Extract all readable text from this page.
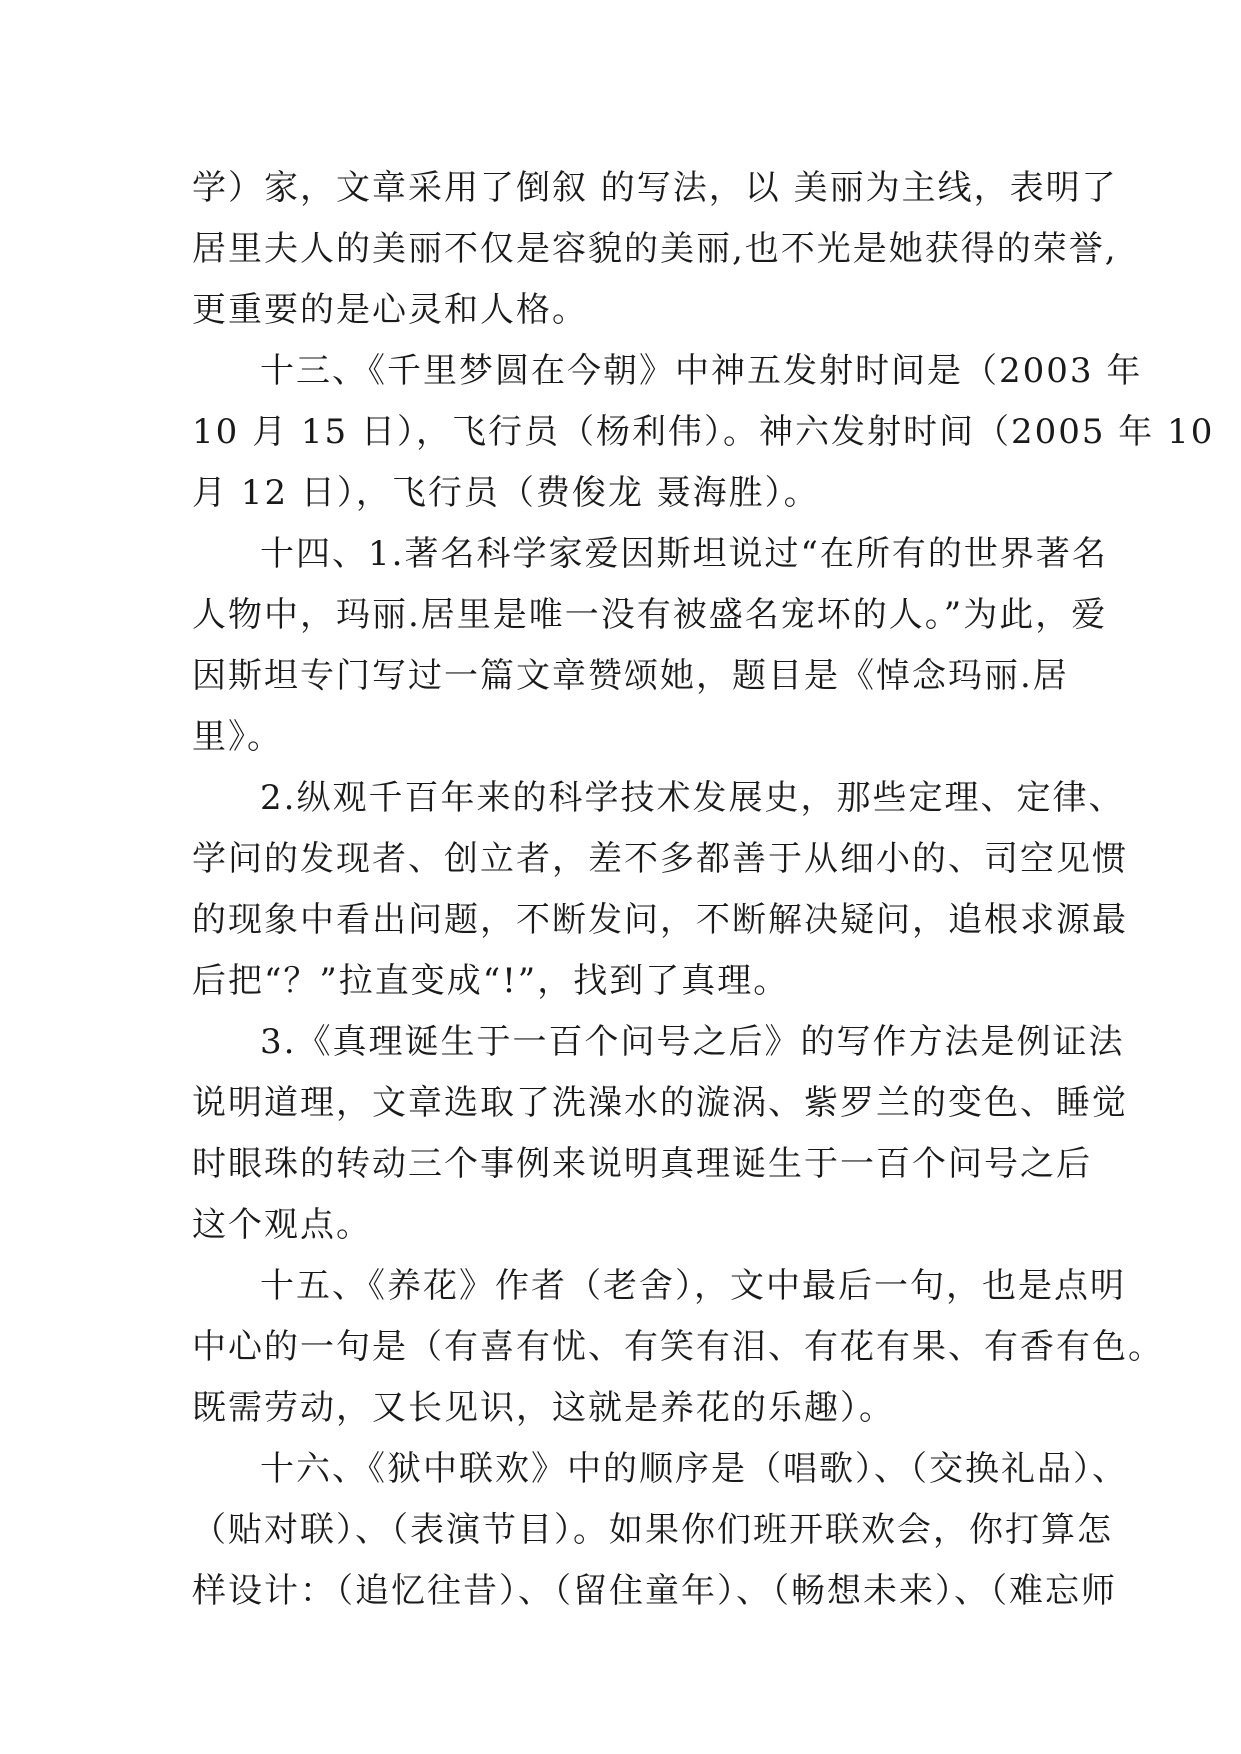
学）家，文章采用了倒叙 的写法，以 美丽为主线，表明了
居里夫人的美丽不仅是容貌的美丽,也不光是她获得的荣誉,
更重要的是心灵和人格。

十三、《千里梦圆在今朝》中神五发射时间是（2003 年
10 月 15 日），飞行员（杨利伟）。神六发射时间（2005 年 10
月 12 日），飞行员（费俊龙 聂海胜）。

十四、1.著名科学家爱因斯坦说过“在所有的世界著名
人物中，玛丽.居里是唯一没有被盛名宠坏的人。”为此，爱
因斯坦专门写过一篇文章赞颂她，题目是《悼念玛丽.居
里》。

2.纵观千百年来的科学技术发展史，那些定理、定律、
学问的发现者、创立者，差不多都善于从细小的、司空见惯
的现象中看出问题，不断发问，不断解决疑问，追根求源最
后把“？”拉直变成“!”，找到了真理。

3.《真理诞生于一百个问号之后》的写作方法是例证法
说明道理，文章选取了洗澡水的漩涡、紫罗兰的变色、睡觉
时眼珠的转动三个事例来说明真理诞生于一百个问号之后
这个观点。

十五、《养花》作者（老舍），文中最后一句，也是点明
中心的一句是（有喜有忧、有笑有泪、有花有果、有香有色。
既需劳动，又长见识，这就是养花的乐趣）。

十六、《狱中联欢》中的顺序是（唱歌）、（交换礼品）、
（贴对联）、（表演节目）。如果你们班开联欢会，你打算怎
样设计：（追忆往昔）、（留住童年）、（畅想未来）、（难忘师
